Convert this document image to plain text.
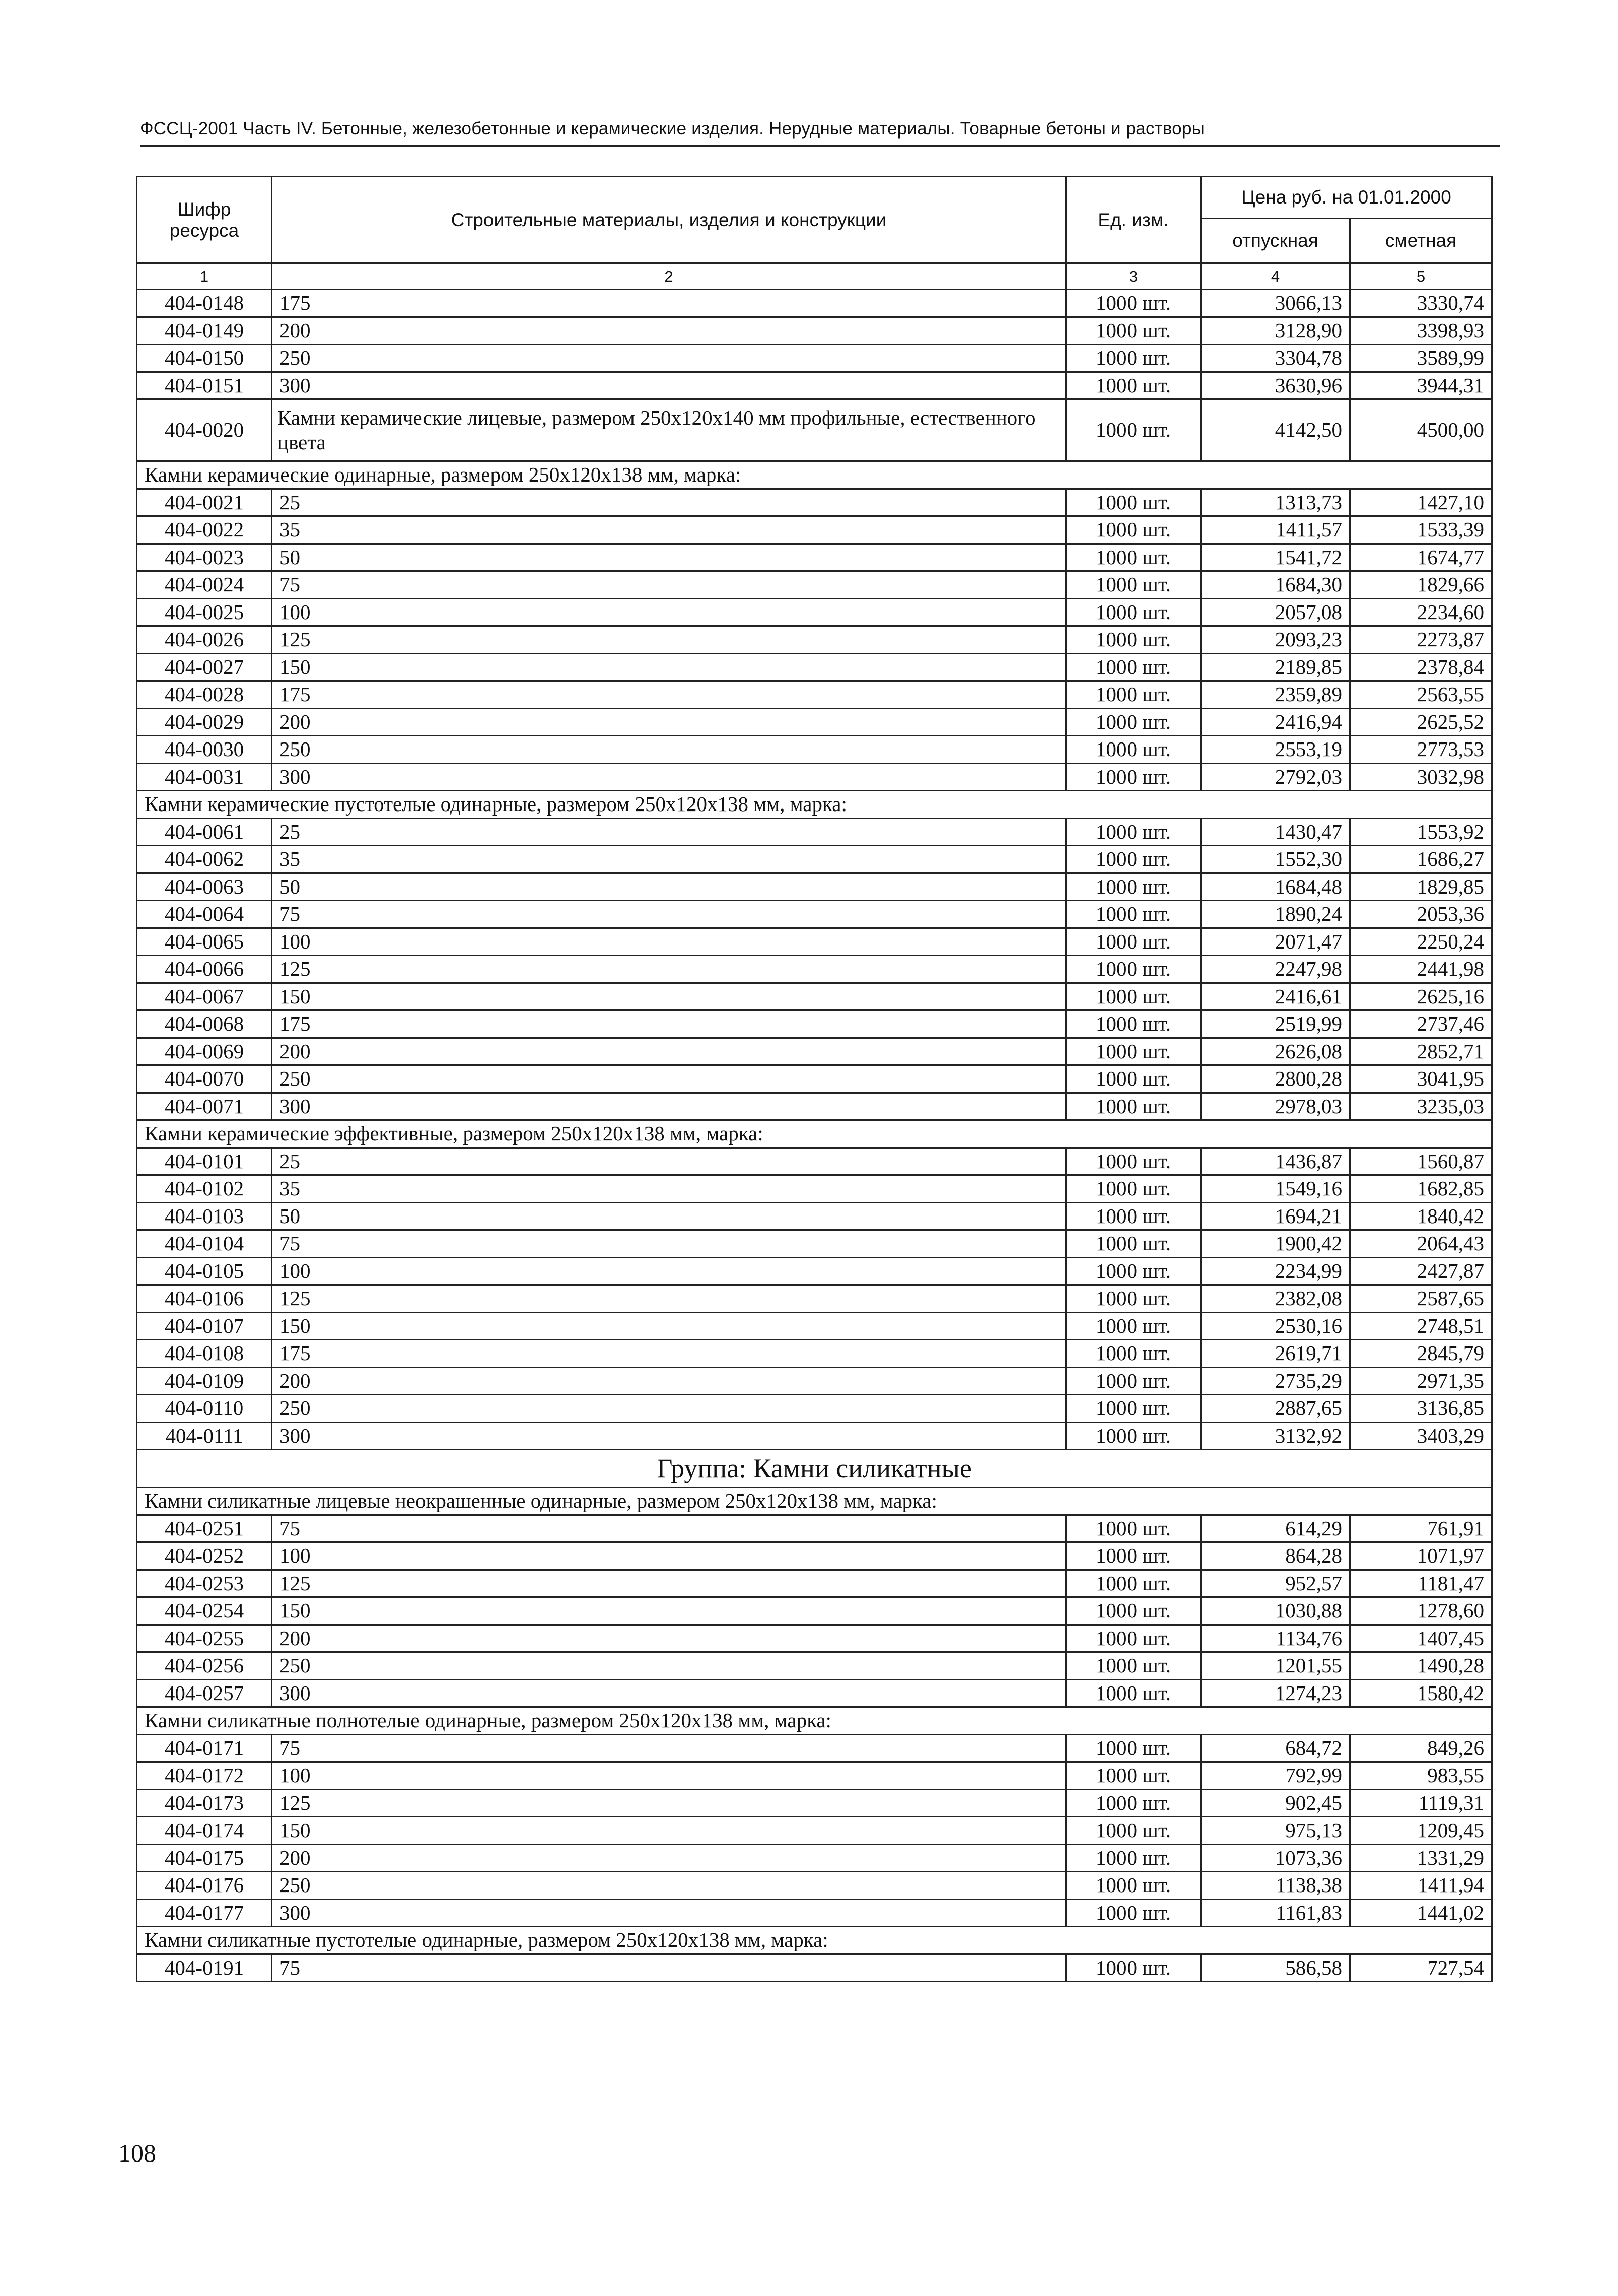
ФССЦ-2001 Часть IV. Бетонные, железобетонные и керамические изделия. Нерудные материалы. Товарные бетоны и растворы
Шифр ресурса	Строительные материалы, изделия и конструкции	Ед. изм.	Цена руб. на 01.01.2000	
			отпускная	сметная
1	2	3	4	5
404-0148	175	1000 шт.	3066,13	3330,74
404-0149	200	1000 шт.	3128,90	3398,93
404-0150	250	1000 шт.	3304,78	3589,99
404-0151	300	1000 шт.	3630,96	3944,31
404-0020	Камни керамические лицевые, размером 250х120х140 мм профильные, естественного цвета	1000 шт.	4142,50	4500,00
Камни керамические одинарные, размером 250х120х138 мм, марка:				
404-0021	25	1000 шт.	1313,73	1427,10
404-0022	35	1000 шт.	1411,57	1533,39
404-0023	50	1000 шт.	1541,72	1674,77
404-0024	75	1000 шт.	1684,30	1829,66
404-0025	100	1000 шт.	2057,08	2234,60
404-0026	125	1000 шт.	2093,23	2273,87
404-0027	150	1000 шт.	2189,85	2378,84
404-0028	175	1000 шт.	2359,89	2563,55
404-0029	200	1000 шт.	2416,94	2625,52
404-0030	250	1000 шт.	2553,19	2773,53
404-0031	300	1000 шт.	2792,03	3032,98
Камни керамические пустотелые одинарные, размером 250х120х138 мм, марка:				
404-0061	25	1000 шт.	1430,47	1553,92
404-0062	35	1000 шт.	1552,30	1686,27
404-0063	50	1000 шт.	1684,48	1829,85
404-0064	75	1000 шт.	1890,24	2053,36
404-0065	100	1000 шт.	2071,47	2250,24
404-0066	125	1000 шт.	2247,98	2441,98
404-0067	150	1000 шт.	2416,61	2625,16
404-0068	175	1000 шт.	2519,99	2737,46
404-0069	200	1000 шт.	2626,08	2852,71
404-0070	250	1000 шт.	2800,28	3041,95
404-0071	300	1000 шт.	2978,03	3235,03
Камни керамические эффективные, размером 250х120х138 мм, марка:				
404-0101	25	1000 шт.	1436,87	1560,87
404-0102	35	1000 шт.	1549,16	1682,85
404-0103	50	1000 шт.	1694,21	1840,42
404-0104	75	1000 шт.	1900,42	2064,43
404-0105	100	1000 шт.	2234,99	2427,87
404-0106	125	1000 шт.	2382,08	2587,65
404-0107	150	1000 шт.	2530,16	2748,51
404-0108	175	1000 шт.	2619,71	2845,79
404-0109	200	1000 шт.	2735,29	2971,35
404-0110	250	1000 шт.	2887,65	3136,85
404-0111	300	1000 шт.	3132,92	3403,29
Группа: Камни силикатные				
Камни силикатные лицевые неокрашенные одинарные, размером 250х120х138 мм, марка:				
404-0251	75	1000 шт.	614,29	761,91
404-0252	100	1000 шт.	864,28	1071,97
404-0253	125	1000 шт.	952,57	1181,47
404-0254	150	1000 шт.	1030,88	1278,60
404-0255	200	1000 шт.	1134,76	1407,45
404-0256	250	1000 шт.	1201,55	1490,28
404-0257	300	1000 шт.	1274,23	1580,42
Камни силикатные полнотелые одинарные, размером 250х120х138 мм, марка:				
404-0171	75	1000 шт.	684,72	849,26
404-0172	100	1000 шт.	792,99	983,55
404-0173	125	1000 шт.	902,45	1119,31
404-0174	150	1000 шт.	975,13	1209,45
404-0175	200	1000 шт.	1073,36	1331,29
404-0176	250	1000 шт.	1138,38	1411,94
404-0177	300	1000 шт.	1161,83	1441,02
Камни силикатные пустотелые одинарные, размером 250х120х138 мм, марка:				
404-0191	75	1000 шт.	586,58	727,54
108
